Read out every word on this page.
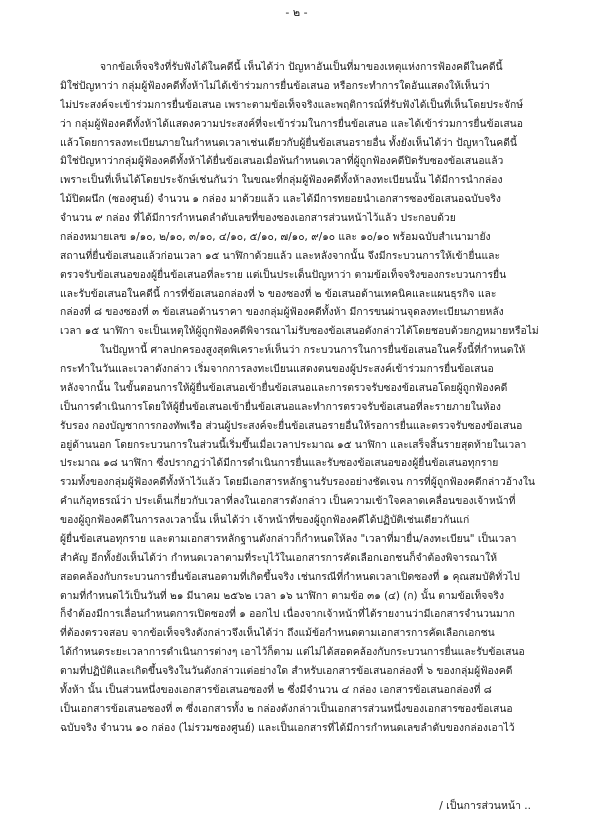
- ๒ -
จากข้อเท็จจริงที่รับฟังได้ในคดีนี้ เห็นได้ว่า ปัญหาอันเป็นที่มาของเหตุแห่งการฟ้องคดีในคดีนี้
มิใช่ปัญหาว่า กลุ่มผู้ฟ้องคดีทั้งห้าไม่ได้เข้าร่วมการยื่นข้อเสนอ หรือกระทำการใดอันแสดงให้เห็นว่า
ไม่ประสงค์จะเข้าร่วมการยื่นข้อเสนอ เพราะตามข้อเท็จจริงและพฤติการณ์ที่รับฟังได้เป็นที่เห็นโดยประจักษ์
ว่า กลุ่มผู้ฟ้องคดีทั้งห้าได้แสดงความประสงค์ที่จะเข้าร่วมในการยื่นข้อเสนอ และได้เข้าร่วมการยื่นข้อเสนอ
แล้วโดยการลงทะเบียนภายในกำหนดเวลาเช่นเดียวกับผู้ยื่นข้อเสนอรายอื่น ทั้งยังเห็นได้ว่า ปัญหาในคดีนี้
มิใช่ปัญหาว่ากลุ่มผู้ฟ้องคดีทั้งห้าได้ยื่นข้อเสนอเมื่อพ้นกำหนดเวลาที่ผู้ถูกฟ้องคดีปิดรับซองข้อเสนอแล้ว
เพราะเป็นที่เห็นได้โดยประจักษ์เช่นกันว่า ในขณะที่กลุ่มผู้ฟ้องคดีทั้งห้าลงทะเบียนนั้น ได้มีการนำกล่อง
ไม้ปิดผนึก (ซองศูนย์) จำนวน ๑ กล่อง มาด้วยแล้ว และได้มีการทยอยนำเอกสารซองข้อเสนอฉบับจริง
จำนวน ๙ กล่อง ที่ได้มีการกำหนดลำดับเลขที่ของซองเอกสารส่วนหน้าไว้แล้ว ประกอบด้วย
กล่องหมายเลข ๑/๑๐, ๒/๑๐, ๓/๑๐, ๔/๑๐, ๕/๑๐, ๗/๑๐, ๙/๑๐ และ ๑๐/๑๐ พร้อมฉบับสำเนามายัง
สถานที่ยื่นข้อเสนอแล้วก่อนเวลา ๑๕ นาฬิกาด้วยแล้ว และหลังจากนั้น จึงมีกระบวนการให้เข้ายื่นและ
ตรวจรับข้อเสนอของผู้ยื่นข้อเสนอที่ละราย แต่เป็นประเด็นปัญหาว่า ตามข้อเท็จจริงของกระบวนการยื่น
และรับข้อเสนอในคดีนี้ การที่ข้อเสนอกล่องที่ ๖ ของซองที่ ๒ ข้อเสนอด้านเทคนิคและแผนธุรกิจ และ
กล่องที่ ๘ ของซองที่ ๓ ข้อเสนอด้านราคา ของกลุ่มผู้ฟ้องคดีทั้งห้า มีการขนผ่านจุดลงทะเบียนภายหลัง
เวลา ๑๕ นาฬิกา จะเป็นเหตุให้ผู้ถูกฟ้องคดีพิจารณาไม่รับซองข้อเสนอดังกล่าวได้โดยชอบด้วยกฎหมายหรือไม่
ในปัญหานี้ ศาลปกครองสูงสุดพิเคราะห์เห็นว่า กระบวนการในการยื่นข้อเสนอในครั้งนี้ที่กำหนดให้
กระทำในวันและเวลาดังกล่าว เริ่มจากการลงทะเบียนแสดงตนของผู้ประสงค์เข้าร่วมการยื่นข้อเสนอ
หลังจากนั้น ในขั้นตอนการให้ผู้ยื่นข้อเสนอเข้ายื่นข้อเสนอและการตรวจรับซองข้อเสนอโดยผู้ถูกฟ้องคดี
เป็นการดำเนินการโดยให้ผู้ยื่นข้อเสนอเข้ายื่นข้อเสนอและทำการตรวจรับข้อเสนอที่ละรายภายในห้อง
รับรอง กองบัญชาการกองทัพเรือ ส่วนผู้ประสงค์จะยื่นข้อเสนอรายอื่นให้รอการยื่นและตรวจรับซองข้อเสนอ
อยู่ด้านนอก โดยกระบวนการในส่วนนี้เริ่มขึ้นเมื่อเวลาประมาณ ๑๕ นาฬิกา และเสร็จสิ้นรายสุดท้ายในเวลา
ประมาณ ๑๘ นาฬิกา ซึ่งปรากฏว่าได้มีการดำเนินการยื่นและรับซองข้อเสนอของผู้ยื่นข้อเสนอทุกราย
รวมทั้งของกลุ่มผู้ฟ้องคดีทั้งห้าไว้แล้ว โดยมีเอกสารหลักฐานรับรองอย่างชัดเจน การที่ผู้ถูกฟ้องคดีกล่าวอ้างใน
คำแก้อุทธรณ์ว่า ประเด็นเกี่ยวกับเวลาที่ลงในเอกสารดังกล่าว เป็นความเข้าใจคลาดเคลื่อนของเจ้าหน้าที่
ของผู้ถูกฟ้องคดีในการลงเวลานั้น เห็นได้ว่า เจ้าหน้าที่ของผู้ถูกฟ้องคดีได้ปฏิบัติเช่นเดียวกันแก่
ผู้ยื่นข้อเสนอทุกราย และตามเอกสารหลักฐานดังกล่าวก็กำหนดให้ลง "เวลาที่มายื่น/ลงทะเบียน" เป็นเวลา
สำคัญ อีกทั้งยังเห็นได้ว่า กำหนดเวลาตามที่ระบุไว้ในเอกสารการคัดเลือกเอกชนก็จำต้องพิจารณาให้
สอดคล้องกับกระบวนการยื่นข้อเสนอตามที่เกิดขึ้นจริง เช่นกรณีที่กำหนดเวลาเปิดซองที่ ๑ คุณสมบัติทั่วไป
ตามที่กำหนดไว้เป็นวันที่ ๒๑ มีนาคม ๒๕๖๒ เวลา ๑๖ นาฬิกา ตามข้อ ๓๑ (๔) (ก) นั้น ตามข้อเท็จจริง
ก็จำต้องมีการเลื่อนกำหนดการเปิดซองที่ ๑ ออกไป เนื่องจากเจ้าหน้าที่ได้รายงานว่ามีเอกสารจำนวนมาก
ที่ต้องตรวจสอบ จากข้อเท็จจริงดังกล่าวจึงเห็นได้ว่า ถึงแม้ข้อกำหนดตามเอกสารการคัดเลือกเอกชน
ได้กำหนดระยะเวลาการดำเนินการต่างๆ เอาไว้ก็ตาม แต่ไม่ได้สอดคล้องกับกระบวนการยื่นและรับข้อเสนอ
ตามที่ปฏิบัติและเกิดขึ้นจริงในวันดังกล่าวแต่อย่างใด สำหรับเอกสารข้อเสนอกล่องที่ ๖ ของกลุ่มผู้ฟ้องคดี
ทั้งห้า นั้น เป็นส่วนหนึ่งของเอกสารข้อเสนอซองที่ ๒ ซึ่งมีจำนวน ๔ กล่อง เอกสารข้อเสนอกล่องที่ ๘
เป็นเอกสารข้อเสนอซองที่ ๓ ซึ่งเอกสารทั้ง ๒ กล่องดังกล่าวเป็นเอกสารส่วนหนึ่งของเอกสารซองข้อเสนอ
ฉบับจริง จำนวน ๑๐ กล่อง (ไม่รวมซองศูนย์) และเป็นเอกสารที่ได้มีการกำหนดเลขลำดับของกล่องเอาไว้
/ เป็นการส่วนหน้า ..
